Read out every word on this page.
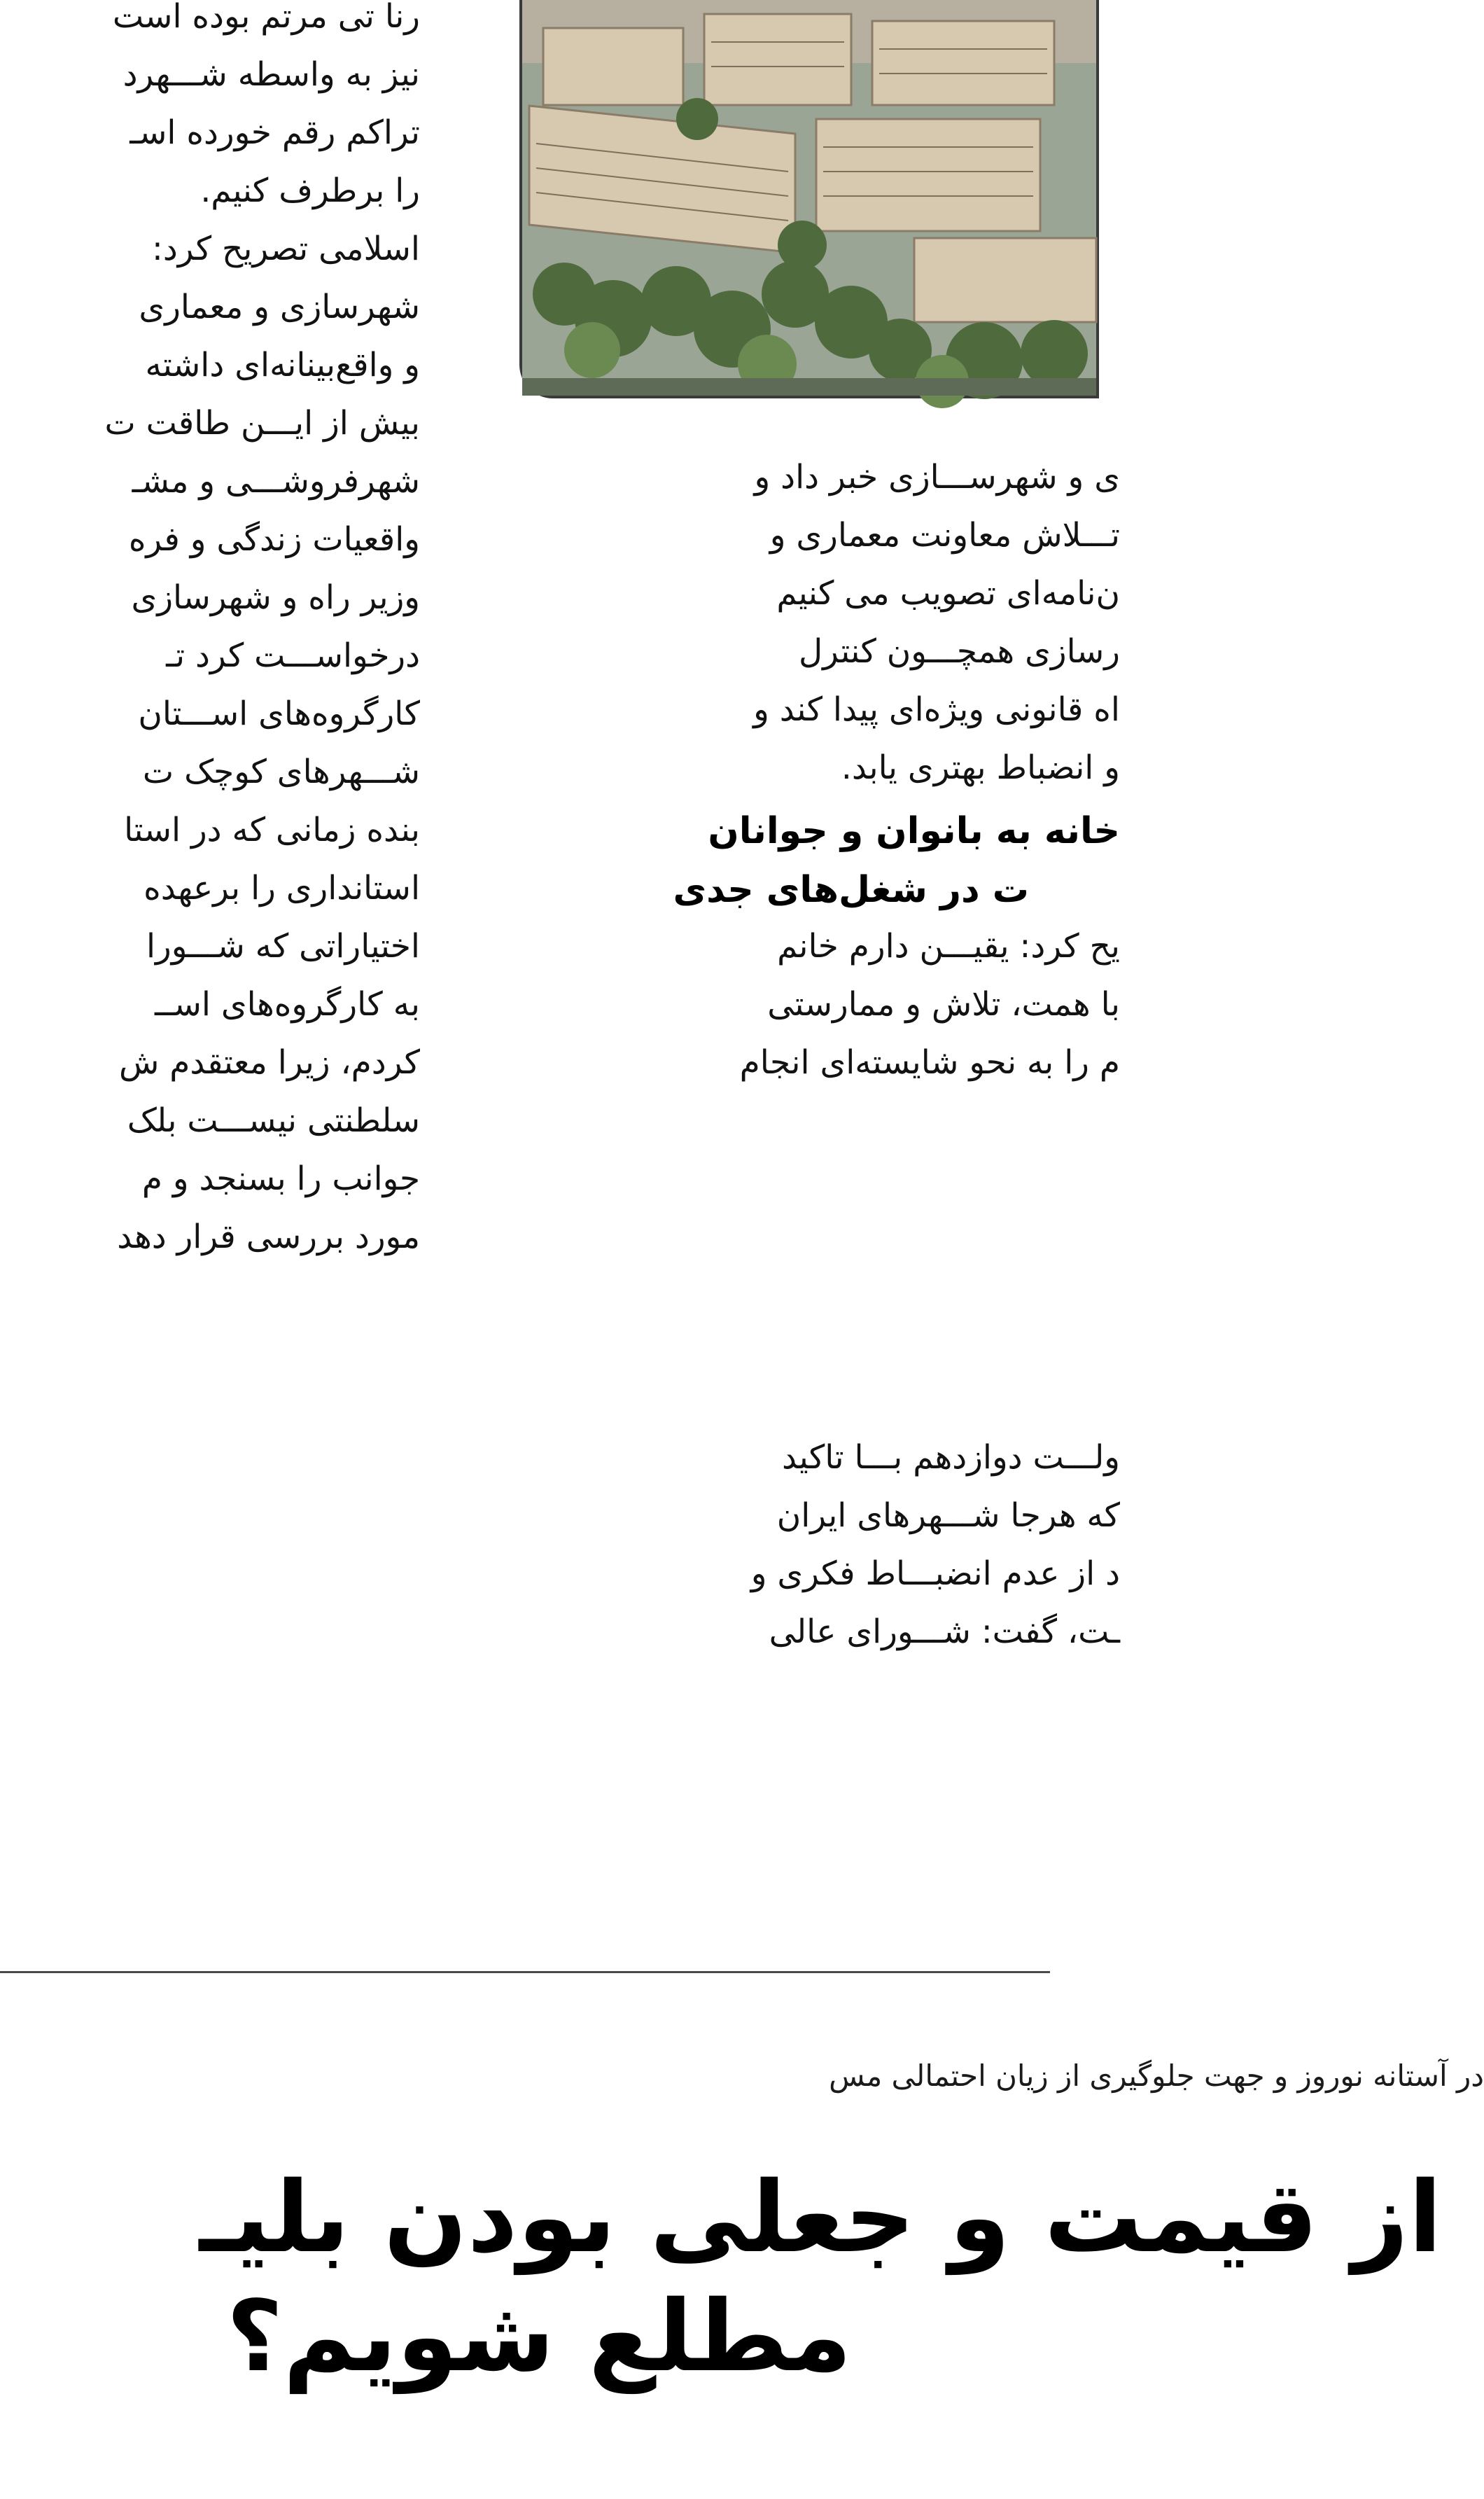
رنا تی مرتم بوده است

نیز به واسطه شـــهرد

تراکم رقم خورده اسـ

را برطرف کنیم.

اسلامی تصریح کرد:

شهرسازی و معماری

و واقع‌بینانه‌ای داشته

بیش از ایـــن طاقت ت

شهرفروشـــی و مشـ

واقعیات زندگی و فره

وزیر راه و شهرسازی

درخواســـت کرد تـ

کارگروه‌های اســـتان

شـــهرهای کوچک ت

بنده زمانی که در استا

استانداری را برعهده

اختیاراتی که شـــورا

به کارگروه‌های اســ

کردم، زیرا معتقدم ش

سلطنتی نیســـت بلک

جوانب را بسنجد و م

مورد بررسی قرار دهد

ی و شهرســـازی خبر داد و

تـــلاش معاونت معماری و

ن‌نامه‌ای تصویب می کنیم

رسازی همچـــون کنترل

اه قانونی ویژه‌ای پیدا کند و

و انضباط بهتری یابد.

خانه به بانوان و جوانان

ت در شغل‌های جدی

یح کرد: یقیـــن دارم خانم

با همت، تلاش و ممارستی

م را به نحو شایسته‌ای انجام

ولـــت دوازدهم بـــا تاکید

که هرجا شـــهرهای ایران

د از عدم انضبـــاط فکری و

ـت، گفت: شـــورای عالی

در آستانه نوروز و جهت جلوگیری از زیان احتمالی مس
از قیمت و جعلی بودن بلیـ
مطلع شویم؟
